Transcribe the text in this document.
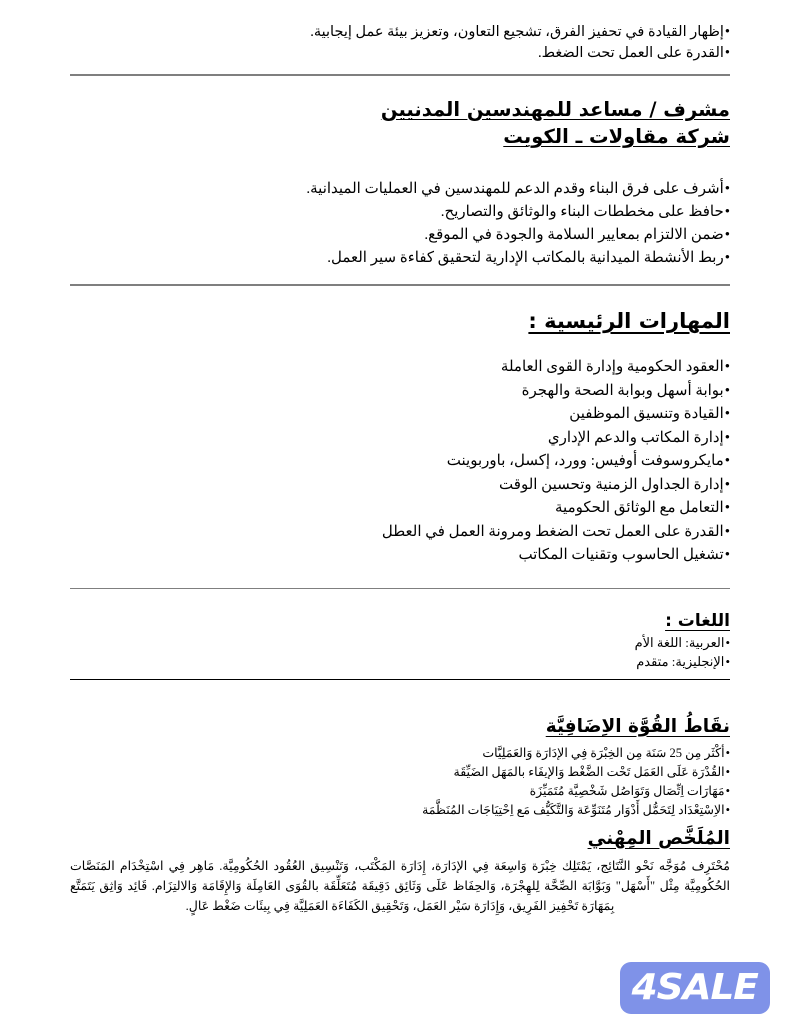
• إظهار القيادة في تحفيز الفرق، تشجيع التعاون، وتعزيز بيئة عمل إيجابية.
• القدرة على العمل تحت الضغط.
مشرف / مساعد للمهندسين المدنيين
شركة مقاولات ـ الكويت
• أشرف على فرق البناء وقدم الدعم للمهندسين في العمليات الميدانية.
• حافظ على مخططات البناء والوثائق والتصاريح.
• ضمن الالتزام بمعايير السلامة والجودة في الموقع.
• ربط الأنشطة الميدانية بالمكاتب الإدارية لتحقيق كفاءة سير العمل.
المهارات الرئيسية :
• العقود الحكومية وإدارة القوى العاملة
• بوابة أسهل وبوابة الصحة والهجرة
• القيادة وتنسيق الموظفين
• إدارة المكاتب والدعم الإداري
• مايكروسوفت أوفيس: وورد، إكسل، باوربوينت
• إدارة الجداول الزمنية وتحسين الوقت
• التعامل مع الوثائق الحكومية
• القدرة على العمل تحت الضغط ومرونة العمل في العطل
• تشغيل الحاسوب وتقنيات المكاتب
اللغات :
• العربية: اللغة الأم
• الإنجليزية: متقدم
نقَاطُ القُوَّة الاِضَافِيَّة
• أكْثَر مِن 25 سَنَة مِن الخِبْرَة فِي الإدَارَة وَالعَمَلِيَّات
• القُدْرَة عَلَى العَمَل تَحْت الضَّغْط وَالإيفَاء بالمَهَل الضَيِّقَة
• مَهَارَات اِتِّصَال وَتَوَاصُل شَخْصِيَّة مُتَمَيِّزَة
• الاِسْتِعْدَاد لِتَحَمُّل أَدْوَار مُتَنَوِّعَة وَالتَّكَيُّف مَع اِحْتِيَاجَات المُنَظَّمَة
المُلَخَّص المِهْني

مُحْتَرِف مُوَجَّه نَحْو النَّتَائِج، يَمْتَلِك خِبْرَة وَاسِعَة فِي الإدَارَة، إِدَارَة المَكْتَب، وَتَنْسِيق العُقُود الحُكُومِيَّة. مَاهِر فِي اسْتِخْدَام المَنَصَّات الحُكُومِيَّة مِثْل "أَسْهَل" وَبَوَّابَة الصِّحَّة لِلهِجْرَة، وَالحِفَاظ عَلَى وَثَائِق دَقِيقَة مُتَعَلِّقَة بالقُوَى العَامِلَة وَالإِقَامَة وَالالتِزَام. قَائِد وَاثِق يَتَمَتَّع بِمَهَارَة تَحْفِيز الفَرِيق، وَإِدَارَة سَيْر العَمَل، وَتَحْقِيق الكَفَاءَة العَمَلِيَّة فِي بِيئَات ضَغْط عَالٍ.

4SALE
